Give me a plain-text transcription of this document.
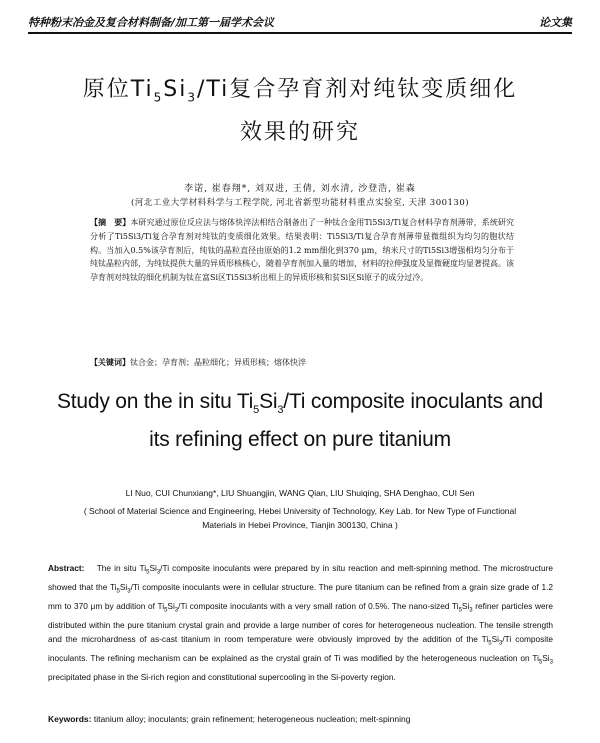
特种粉末冶金及复合材料制备/加工第一届学术会议	论文集
原位$Ti_5Si_3/Ti$复合孕育剂对纯钛变质细化
效果的研究
李诺, 崔春翔*, 刘双进, 王倩, 刘水清, 沙登浩, 崔森
(河北工业大学材料科学与工程学院, 河北省新型功能材料重点实验室, 天津 300130)
【摘　要】本研究通过原位反应法与熔体快淬法相结合制备出了一种钛合金用Ti5Si3/Ti复合材料孕育剂薄带，系统研究分析了Ti5Si3/Ti复合孕育剂对纯钛的变质细化效果。结果表明：Ti5Si3/Ti复合孕育剂薄带显微组织为均匀的胞状结构。当加入0.5%该孕育剂后，纯钛的晶粒直径由原始的1.2 mm细化到370 μm，纳米尺寸的Ti5Si3增强相均匀分布于纯钛晶粒内部，为纯钛提供大量的异质形核核心，随着孕育剂加入量的增加，材料的拉伸强度及显微硬度均显著提高。该孕育剂对纯钛的细化机制为钛在富Si区Ti5Si3析出相上的异质形核和贫Si区Si原子的成分过冷。
【关键词】钛合金；孕育剂；晶粒细化；异质形核；熔体快淬
Study on the in situ $Ti_5Si_3/Ti$ composite inoculants and
its refining effect on pure titanium
LI Nuo, CUI Chunxiang*, LIU Shuangjin, WANG Qian, LIU Shuiqing, SHA Denghao, CUI Sen
( School of Material Science and Engineering, Hebei University of Technology, Key Lab. for New Type of Functional Materials in Hebei Province, Tianjin 300130, China )
Abstract: The in situ $Ti_5Si_3/Ti$ composite inoculants were prepared by in situ reaction and melt-spinning method. The microstructure showed that the $Ti_5Si_3/Ti$ composite inoculants were in cellular structure. The pure titanium can be refined from a grain size grade of 1.2 mm to 370 μm by addition of $Ti_5Si_3/Ti$ composite inoculants with a very small ration of 0.5%. The nano-sized $Ti_5Si_3$ refiner particles were distributed within the pure titanium crystal grain and provide a large number of cores for heterogeneous nucleation. The tensile strength and the microhardness of as-cast titanium in room temperature were obviously improved by the addition of the $Ti_5Si_3/Ti$ composite inoculants. The refining mechanism can be explained as the crystal grain of Ti was modified by the heterogeneous nucleation on $Ti_5Si_3$ precipitated phase in the Si-rich region and constitutional supercooling in the Si-poverty region.
Keywords: titanium alloy; inoculants; grain refinement; heterogeneous nucleation; melt-spinning
